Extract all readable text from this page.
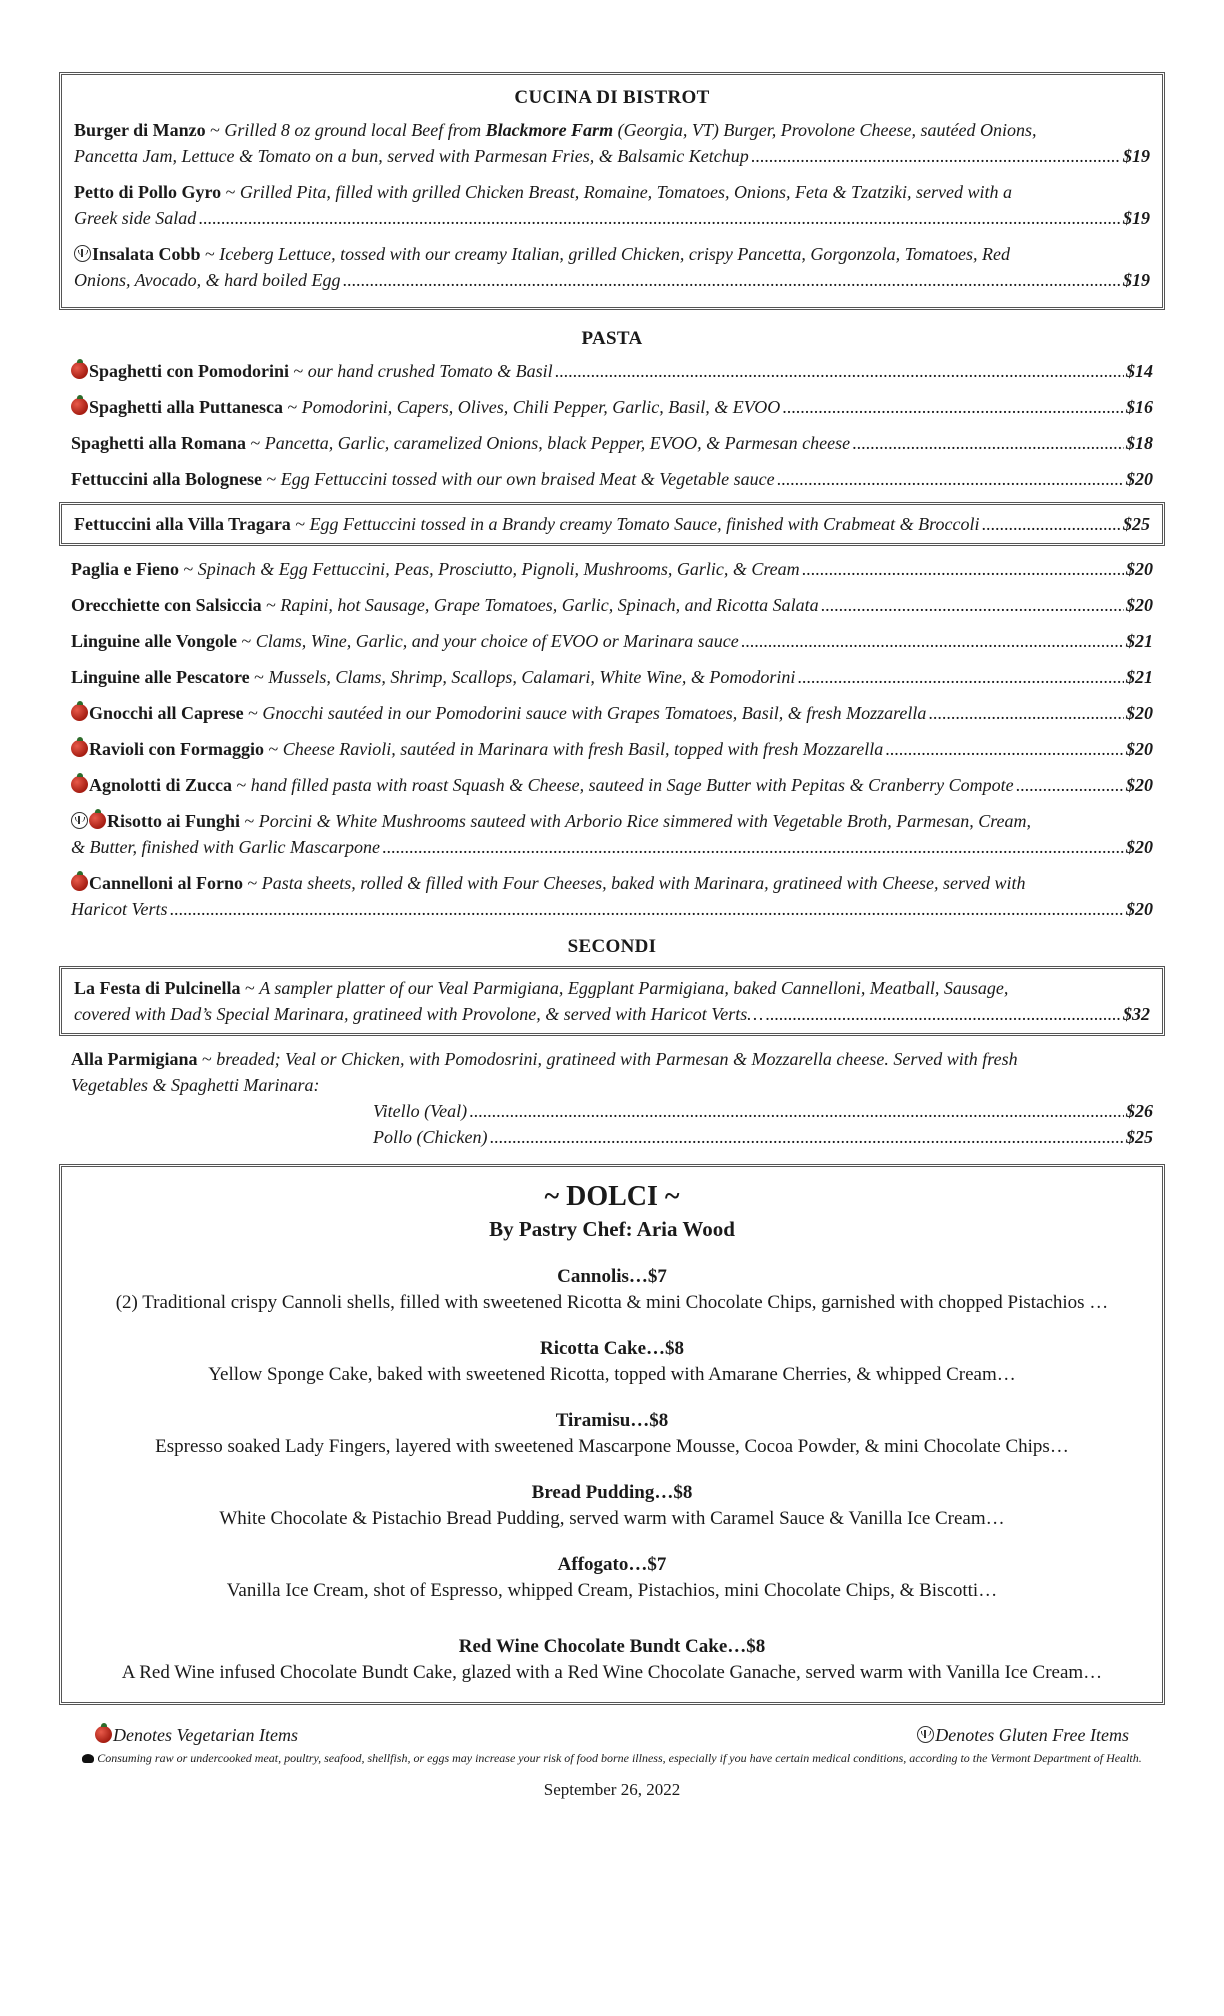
CUCINA DI BISTROT
Burger di Manzo ~ Grilled 8 oz ground local Beef from Blackmore Farm (Georgia, VT) Burger, Provolone Cheese, sautéed Onions,
Pancetta Jam, Lettuce & Tomato on a bun, served with Parmesan Fries, & Balsamic Ketchup .....	$19
Petto di Pollo Gyro ~ Grilled Pita, filled with grilled Chicken Breast, Romaine, Tomatoes, Onions, Feta & Tzatziki, served with a
Greek side Salad .....	$19
Insalata Cobb ~ Iceberg Lettuce, tossed with our creamy Italian, grilled Chicken, crispy Pancetta, Gorgonzola, Tomatoes, Red
Onions, Avocado, & hard boiled Egg .....	$19
PASTA
Spaghetti con Pomodorini ~ our hand crushed Tomato & Basil .....	$14
Spaghetti alla Puttanesca ~ Pomodorini, Capers, Olives, Chili Pepper, Garlic, Basil, & EVOO .....	$16
Spaghetti alla Romana ~ Pancetta, Garlic, caramelized Onions, black Pepper, EVOO, & Parmesan cheese .....	$18
Fettuccini alla Bolognese ~ Egg Fettuccini tossed with our own braised Meat & Vegetable sauce .....	$20
Fettuccini alla Villa Tragara ~ Egg Fettuccini tossed in a Brandy creamy Tomato Sauce, finished with Crabmeat & Broccoli .....	$25
Paglia e Fieno ~ Spinach & Egg Fettuccini, Peas, Prosciutto, Pignoli, Mushrooms, Garlic, & Cream .....	$20
Orecchiette con Salsiccia ~ Rapini, hot Sausage, Grape Tomatoes, Garlic, Spinach, and Ricotta Salata .....	$20
Linguine alle Vongole ~ Clams, Wine, Garlic, and your choice of EVOO or Marinara sauce .....	$21
Linguine alle Pescatore ~ Mussels, Clams, Shrimp, Scallops, Calamari, White Wine, & Pomodorini .....	$21
Gnocchi all Caprese ~ Gnocchi sautéed in our Pomodorini sauce with Grapes Tomatoes, Basil, & fresh Mozzarella .....	$20
Ravioli con Formaggio ~ Cheese Ravioli, sautéed in Marinara with fresh Basil, topped with fresh Mozzarella .....	$20
Agnolotti di Zucca ~ hand filled pasta with roast Squash & Cheese, sauteed in Sage Butter with Pepitas & Cranberry Compote .....	$20
Risotto ai Funghi ~ Porcini & White Mushrooms sauteed with Arborio Rice simmered with Vegetable Broth, Parmesan, Cream,
& Butter, finished with Garlic Mascarpone .....	$20
Cannelloni al Forno ~ Pasta sheets, rolled & filled with Four Cheeses, baked with Marinara, gratineed with Cheese, served with
Haricot Verts .....	$20
SECONDI
La Festa di Pulcinella ~ A sampler platter of our Veal Parmigiana, Eggplant Parmigiana, baked Cannelloni, Meatball, Sausage,
covered with Dad’s Special Marinara, gratineed with Provolone, & served with Haricot Verts… .....	$32
Alla Parmigiana ~ breaded; Veal or Chicken, with Pomodosrini, gratineed with Parmesan & Mozzarella cheese. Served with fresh
Vegetables & Spaghetti Marinara:
Vitello (Veal) .....	$26
Pollo (Chicken) .....	$25
~ DOLCI ~
By Pastry Chef: Aria Wood
Cannolis…$7
(2) Traditional crispy Cannoli shells, filled with sweetened Ricotta & mini Chocolate Chips, garnished with chopped Pistachios …
Ricotta Cake…$8
Yellow Sponge Cake, baked with sweetened Ricotta, topped with Amarane Cherries, & whipped Cream…
Tiramisu…$8
Espresso soaked Lady Fingers, layered with sweetened Mascarpone Mousse, Cocoa Powder, & mini Chocolate Chips…
Bread Pudding…$8
White Chocolate & Pistachio Bread Pudding, served warm with Caramel Sauce & Vanilla Ice Cream…
Affogato…$7
Vanilla Ice Cream, shot of Espresso, whipped Cream, Pistachios, mini Chocolate Chips, & Biscotti…
Red Wine Chocolate Bundt Cake…$8
A Red Wine infused Chocolate Bundt Cake, glazed with a Red Wine Chocolate Ganache, served warm with Vanilla Ice Cream…
Denotes Vegetarian Items	Denotes Gluten Free Items
Consuming raw or undercooked meat, poultry, seafood, shellfish, or eggs may increase your risk of food borne illness, especially if you have certain medical conditions, according to the Vermont Department of Health.
September 26, 2022
